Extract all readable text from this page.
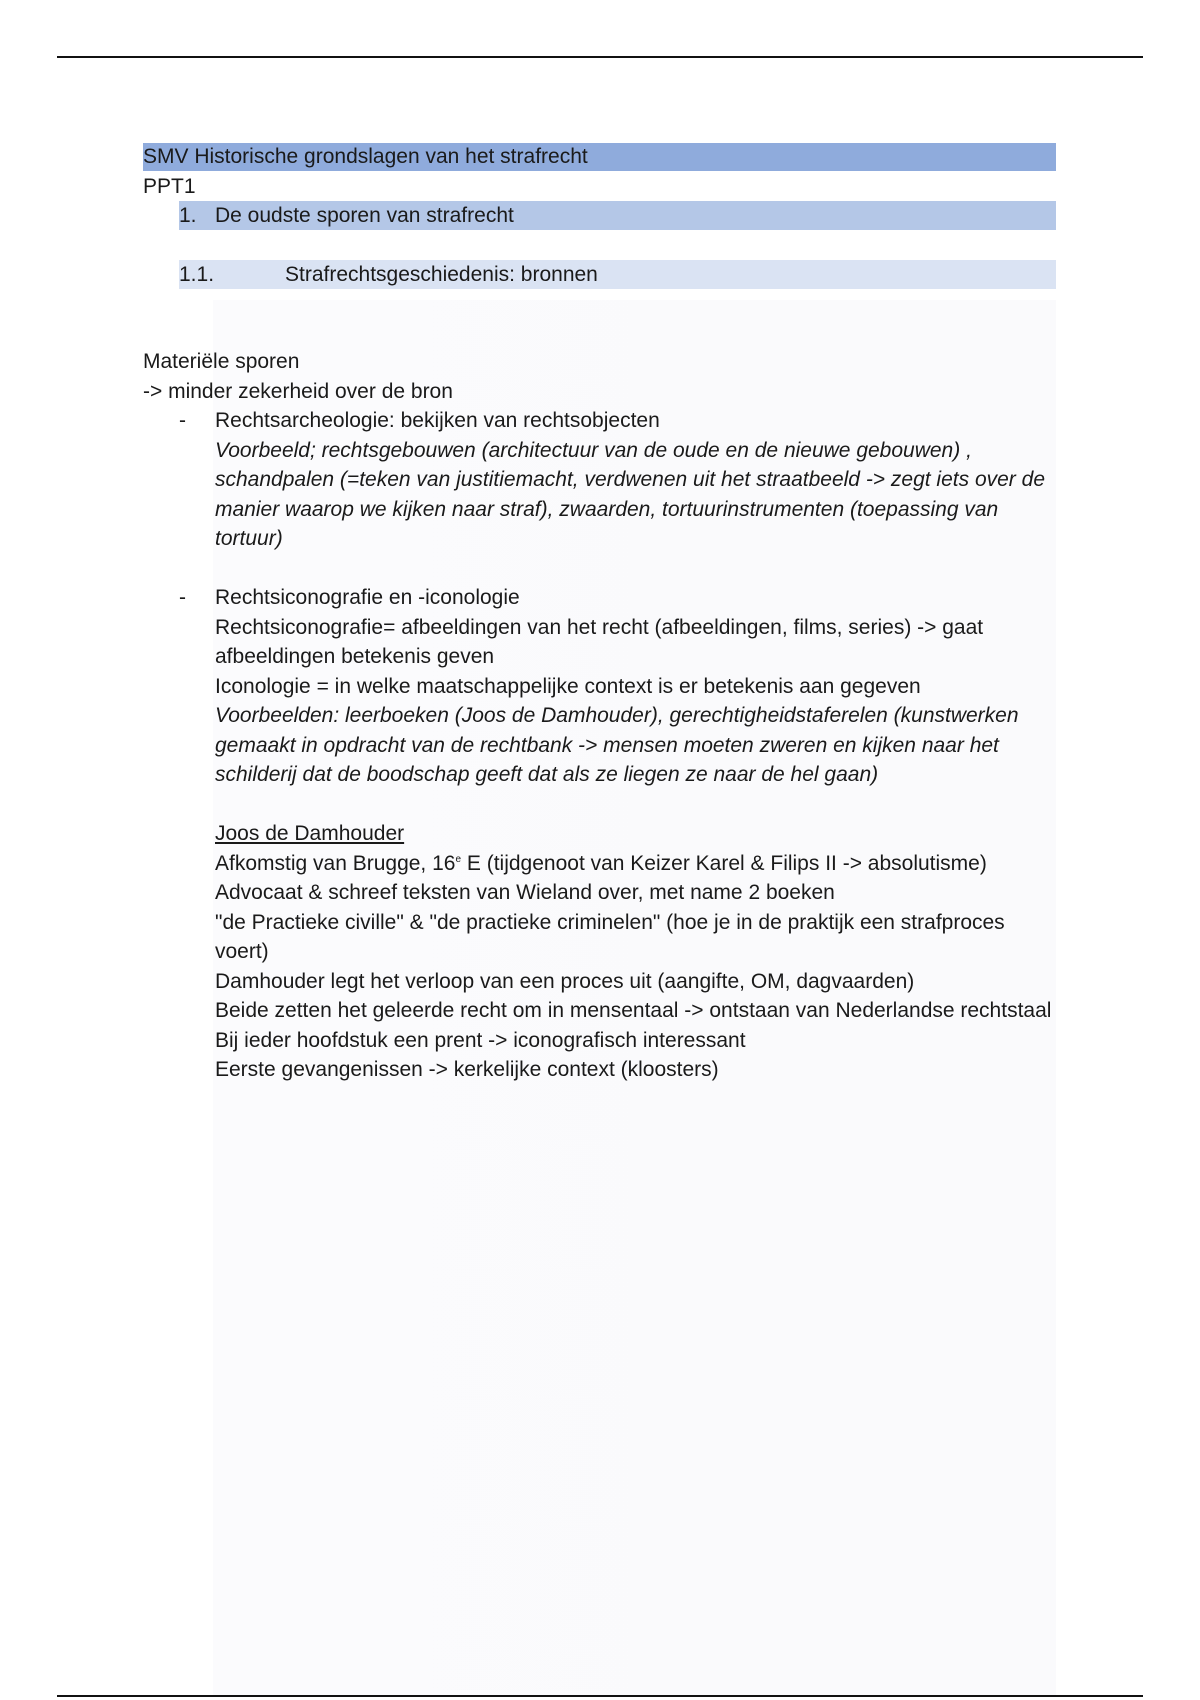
SMV Historische grondslagen van het strafrecht
PPT1
1. De oudste sporen van strafrecht
1.1.	Strafrechtsgeschiedenis: bronnen

Materiële sporen

-> minder zekerheid over de bron

-	Rechtsarcheologie: bekijken van rechtsobjecten
Voorbeeld; rechtsgebouwen (architectuur van de oude en de nieuwe gebouwen) , schandpalen (=teken van justitiemacht, verdwenen uit het straatbeeld -> zegt iets over de manier waarop we kijken naar straf), zwaarden, tortuurinstrumenten (toepassing van tortuur)
-	Rechtsiconografie en -iconologie
Rechtsiconografie= afbeeldingen van het recht (afbeeldingen, films, series) -> gaat afbeeldingen betekenis geven
Iconologie = in welke maatschappelijke context is er betekenis aan gegeven
Voorbeelden: leerboeken (Joos de Damhouder), gerechtigheidstaferelen (kunstwerken gemaakt in opdracht van de rechtbank -> mensen moeten zweren en kijken naar het schilderij dat de boodschap geeft dat als ze liegen ze naar de hel gaan)
Joos de Damhouder
Afkomstig van Brugge, 16e E (tijdgenoot van Keizer Karel & Filips II -> absolutisme)
Advocaat & schreef teksten van Wieland over, met name 2 boeken
"de Practieke civille" & "de practieke criminelen" (hoe je in de praktijk een strafproces voert)
Damhouder legt het verloop van een proces uit (aangifte, OM, dagvaarden)
Beide zetten het geleerde recht om in mensentaal -> ontstaan van Nederlandse rechtstaal
Bij ieder hoofdstuk een prent -> iconografisch interessant
Eerste gevangenissen -> kerkelijke context (kloosters)
